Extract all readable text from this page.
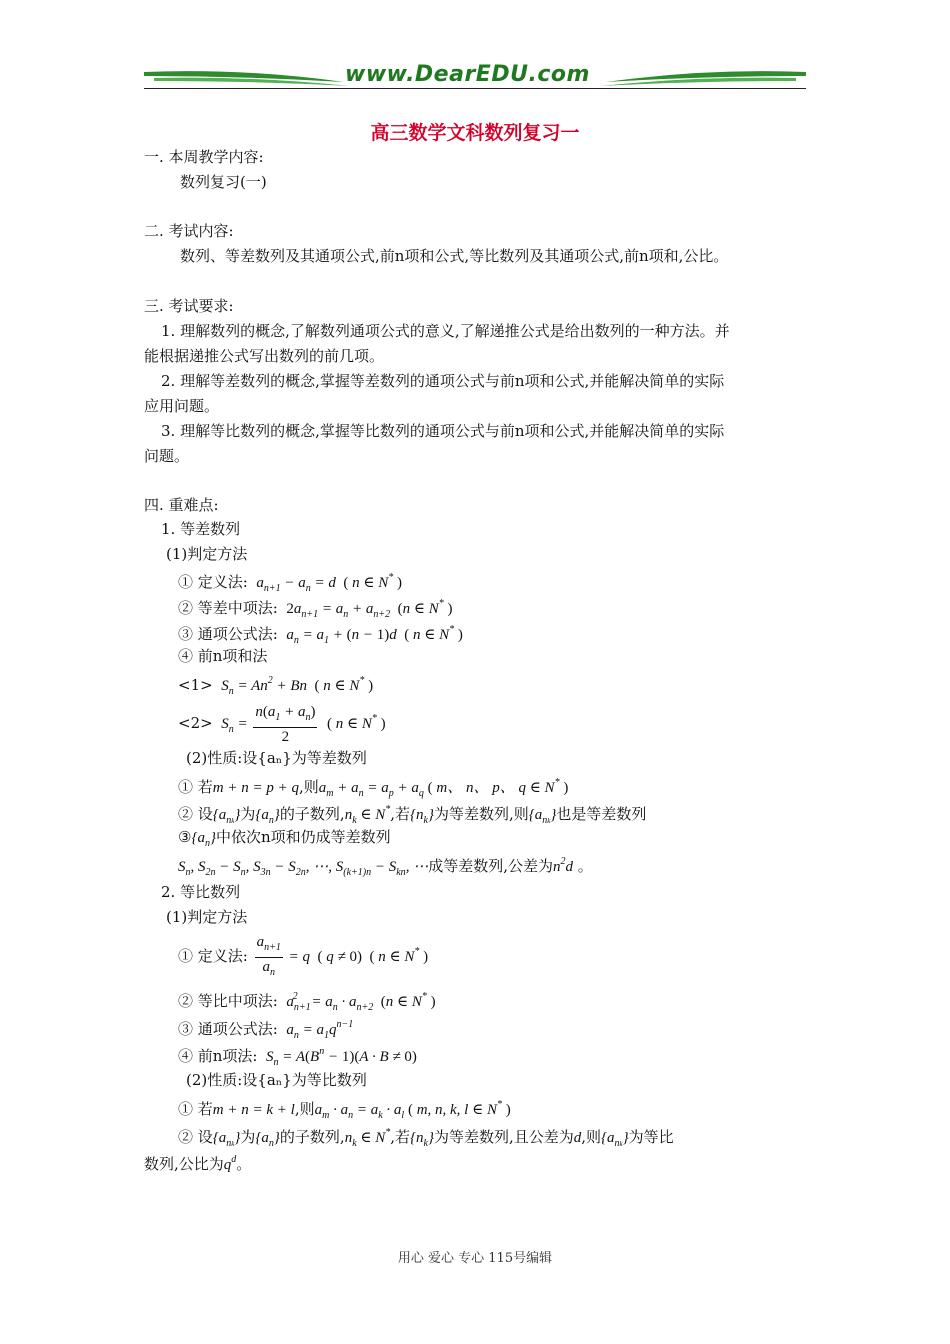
www.DearEDU.com
高三数学文科数列复习一
一. 本周教学内容:
数列复习(一)
二. 考试内容:
数列、等差数列及其通项公式,前n项和公式,等比数列及其通项公式,前n项和,公比。
三. 考试要求:
1. 理解数列的概念,了解数列通项公式的意义,了解递推公式是给出数列的一种方法。并
能根据递推公式写出数列的前几项。
2. 理解等差数列的概念,掌握等差数列的通项公式与前n项和公式,并能解决简单的实际
应用问题。
3. 理解等比数列的概念,掌握等比数列的通项公式与前n项和公式,并能解决简单的实际
问题。
四. 重难点:
1. 等差数列
(1)判定方法
① 定义法:  $a_{n+1} - a_n = d$  ( n ∈ N* )
② 等差中项法: $2a_{n+1} = a_n + a_{n+2}$ (n ∈ N* )
③ 通项公式法:  $a_n = a_1 + (n - 1)d$  ( n ∈ N* )
④ 前n项和法
$<1> S_n = An^2 + Bn$  ( n ∈ N* )
$<2> S_n = \frac{n(a_1 + a_n)}{2}$ ( n ∈ N* )
(2)性质:设{aₙ}为等差数列
① 若m + n = p + q,则$a_m + a_n = a_p + a_q$ ( m、 n、 p、 q ∈ N* )
② 设$\{a_{nk}\}$为$\{a_n\}$的子数列$,n_k$ ∈ N*,若$\{n_k\}$为等差数列,则$\{a_{nk}\}$也是等差数列
$③\{a_n\}$中依次n项和仍成等差数列
$S_n$, $S_{2n} - S_n$, $S_{3n} - S_{2n}$, ⋯, $S_{(k+1)n} - S_{kn}$, ⋯成等差数列,公差为$n^2d$ 。
2. 等比数列
(1)判定方法
① 定义法: $\frac{a_{n+1}}{a_n} = q$  ( q ≠ 0) ( n ∈ N* )
② 等比中项法:  $a_{n+1}^2 = a_n \cdot a_{n+2}$ (n ∈ N* )
③ 通项公式法:  $a_n = a_1q^{n-1}$
④ 前n项法:  $S_n = A(B^n - 1)(A \cdot B \ne 0)$
(2)性质:设{aₙ}为等比数列
① 若m + n = k + l,则$a_m \cdot a_n = a_k \cdot a_l$ ( m, n, k, l ∈ N* )
② 设$\{a_{nk}\}$为$\{a_n\}$的子数列$,n_k$ ∈ N*,若$\{n_k\}$为等差数列,且公差为d,则$\{a_{nk}\}$为等比
数列,公比为$q^d$。
用心 爱心 专心 115号编辑
